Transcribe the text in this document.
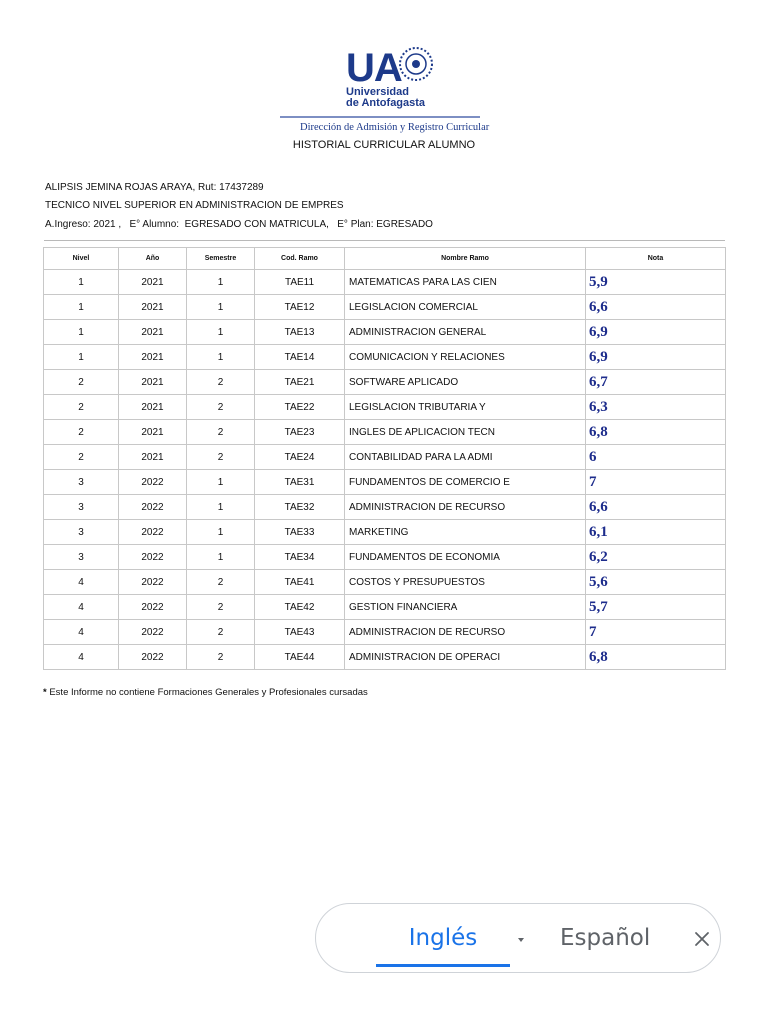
UA
Universidad
de Antofagasta
Dirección de Admisión y Registro Curricular
HISTORIAL CURRICULAR ALUMNO
ALIPSIS JEMINA ROJAS ARAYA, Rut: 17437289
TECNICO NIVEL SUPERIOR EN ADMINISTRACION DE EMPRES
A.Ingreso: 2021 ,   E° Alumno:  EGRESADO CON MATRICULA,   E° Plan: EGRESADO
Nivel	Año	Semestre	Cod. Ramo	Nombre Ramo	Nota
1	2021	1	TAE11	MATEMATICAS PARA LAS CIEN	5,9
1	2021	1	TAE12	LEGISLACION COMERCIAL	6,6
1	2021	1	TAE13	ADMINISTRACION GENERAL	6,9
1	2021	1	TAE14	COMUNICACION Y RELACIONES	6,9
2	2021	2	TAE21	SOFTWARE APLICADO	6,7
2	2021	2	TAE22	LEGISLACION TRIBUTARIA Y	6,3
2	2021	2	TAE23	INGLES DE APLICACION TECN	6,8
2	2021	2	TAE24	CONTABILIDAD PARA LA ADMI	6
3	2022	1	TAE31	FUNDAMENTOS DE COMERCIO E	7
3	2022	1	TAE32	ADMINISTRACION DE RECURSO	6,6
3	2022	1	TAE33	MARKETING	6,1
3	2022	1	TAE34	FUNDAMENTOS DE ECONOMIA	6,2
4	2022	2	TAE41	COSTOS Y PRESUPUESTOS	5,6
4	2022	2	TAE42	GESTION FINANCIERA	5,7
4	2022	2	TAE43	ADMINISTRACION DE RECURSO	7
4	2022	2	TAE44	ADMINISTRACION DE OPERACI	6,8
* Este Informe no contiene Formaciones Generales y Profesionales cursadas
Inglés	Español
